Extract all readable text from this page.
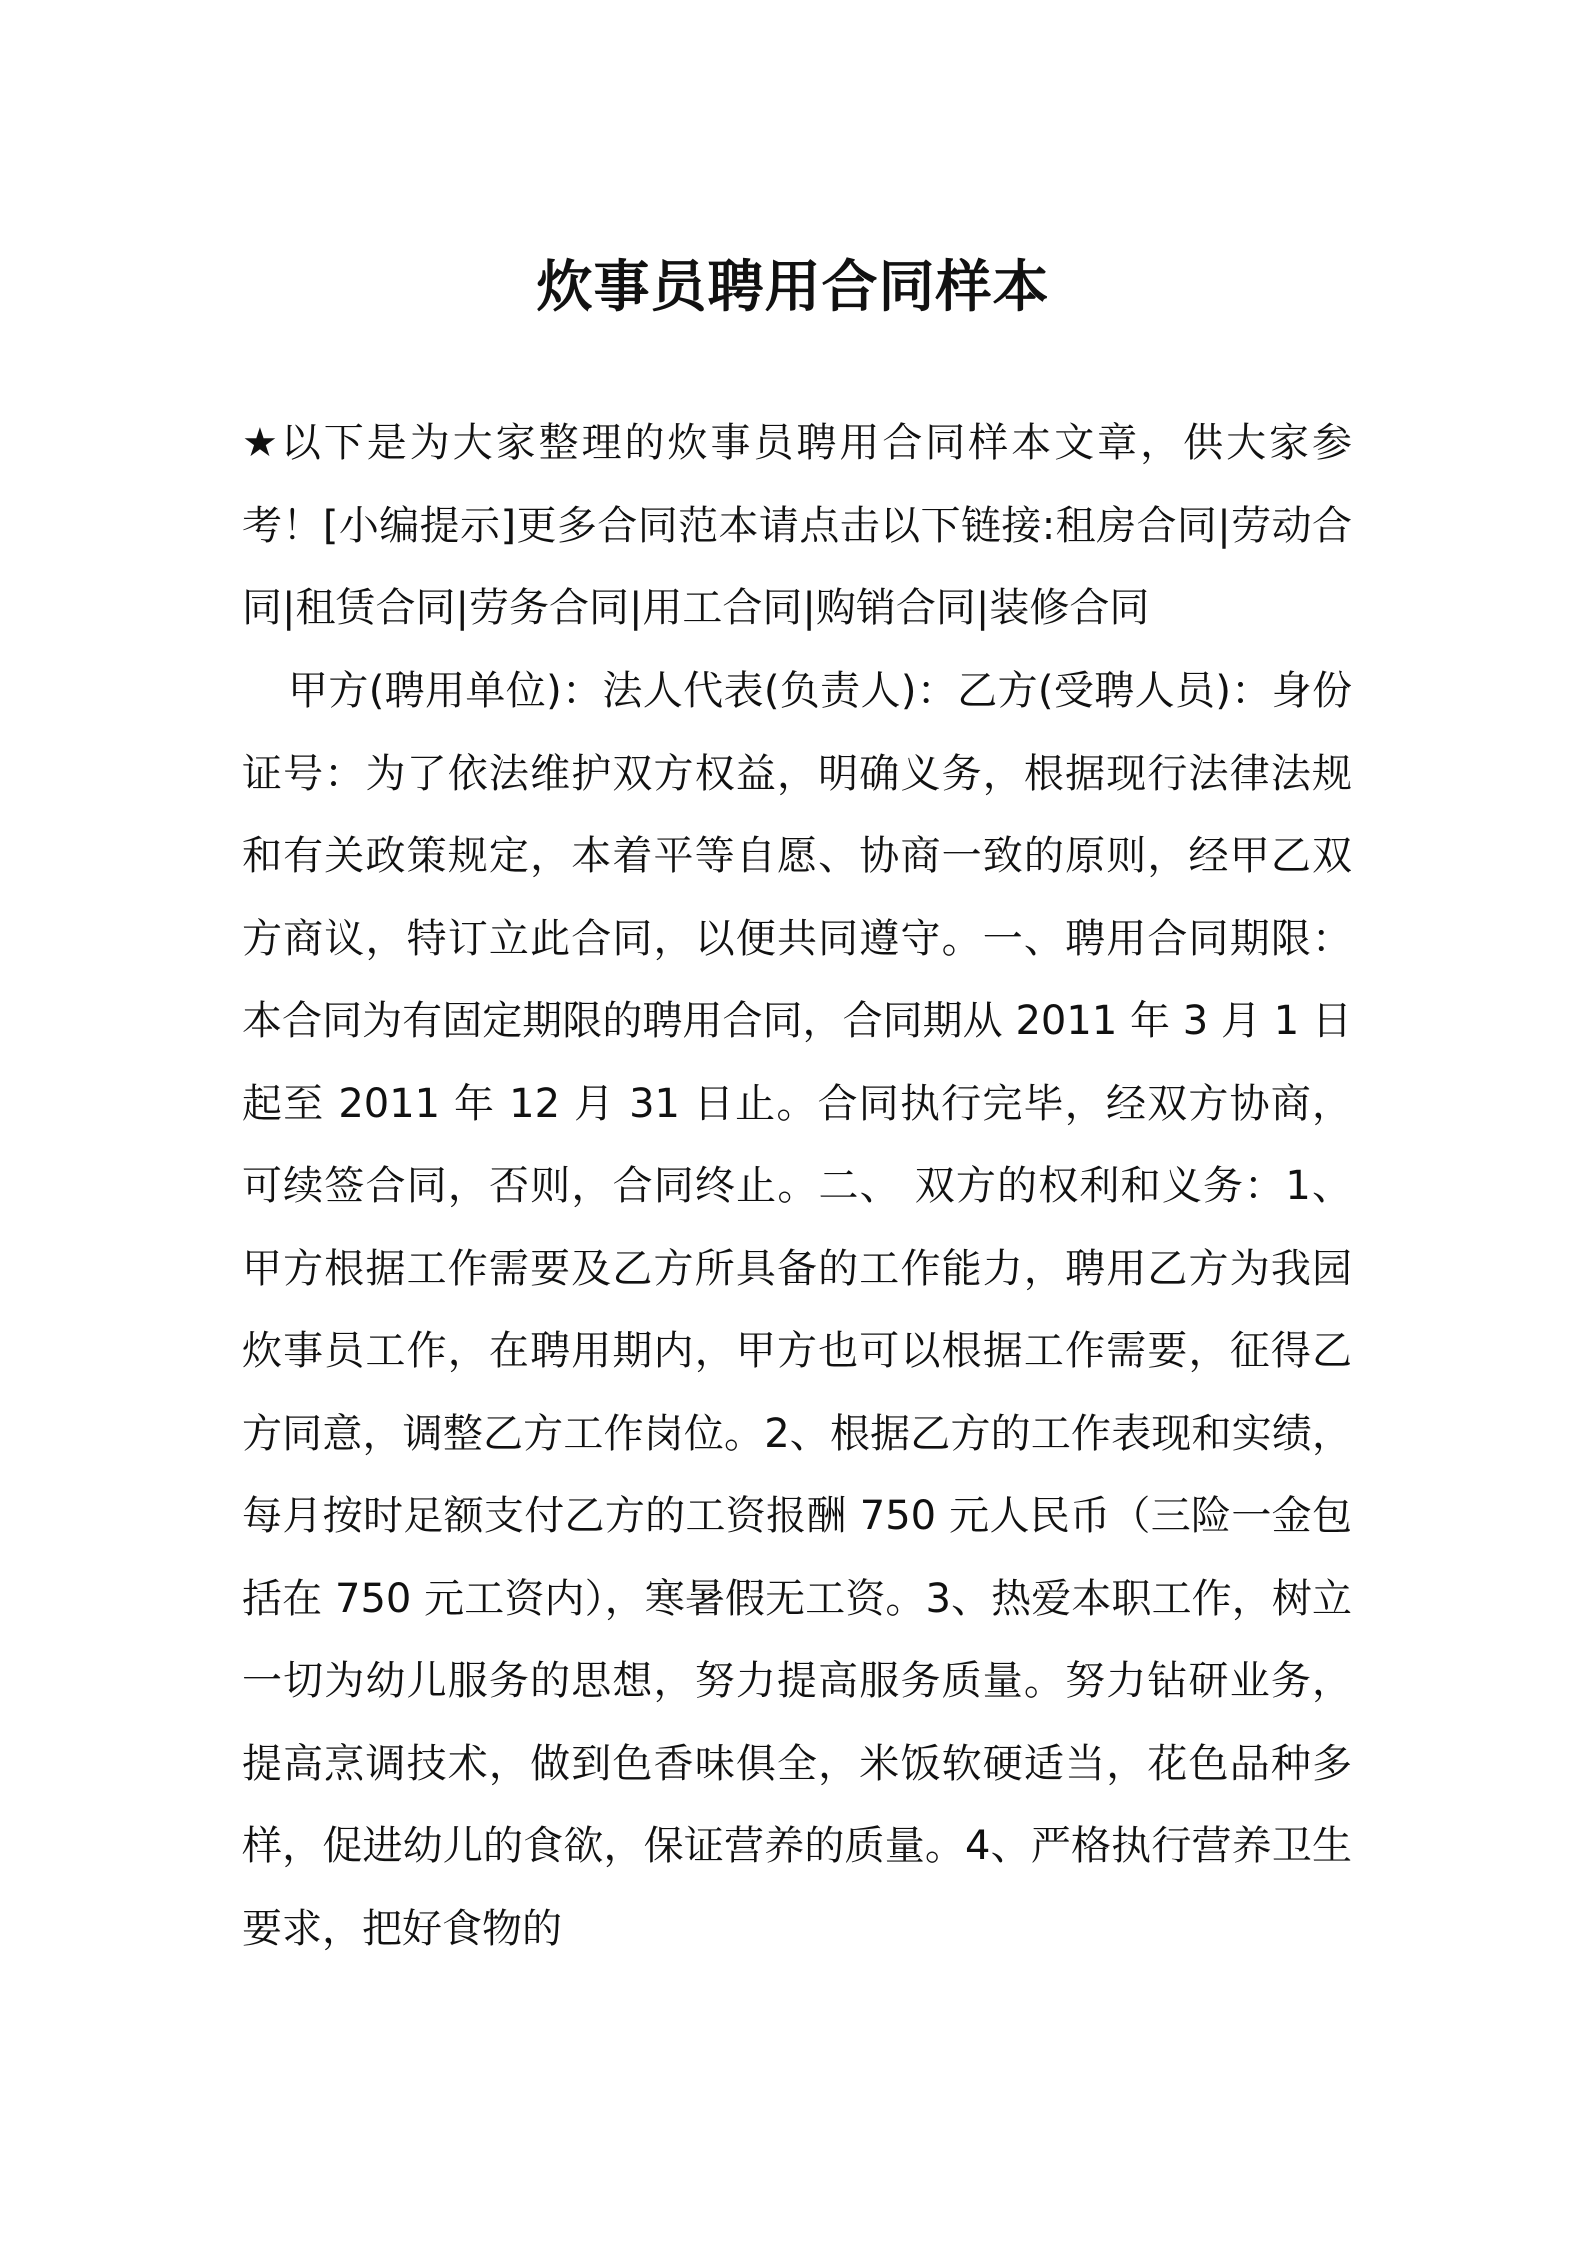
炊事员聘用合同样本

★以下是为大家整理的炊事员聘用合同样本文章，供大家参考！[小编提示]更多合同范本请点击以下链接:租房合同|劳动合同|租赁合同|劳务合同|用工合同|购销合同|装修合同

甲方(聘用单位)：法人代表(负责人)：乙方(受聘人员)：身份证号：为了依法维护双方权益，明确义务，根据现行法律法规和有关政策规定，本着平等自愿、协商一致的原则，经甲乙双方商议，特订立此合同，以便共同遵守。一、聘用合同期限：本合同为有固定期限的聘用合同，合同期从 2011 年 3 月 1 日起至 2011 年 12 月 31 日止。合同执行完毕，经双方协商，可续签合同，否则，合同终止。二、 双方的权利和义务：1、甲方根据工作需要及乙方所具备的工作能力，聘用乙方为我园炊事员工作，在聘用期内，甲方也可以根据工作需要，征得乙方同意，调整乙方工作岗位。2、根据乙方的工作表现和实绩，每月按时足额支付乙方的工资报酬 750 元人民币（三险一金包括在 750 元工资内），寒暑假无工资。3、热爱本职工作，树立一切为幼儿服务的思想，努力提高服务质量。努力钻研业务，提高烹调技术，做到色香味俱全，米饭软硬适当，花色品种多样，促进幼儿的食欲，保证营养的质量。4、严格执行营养卫生要求，把好食物的
